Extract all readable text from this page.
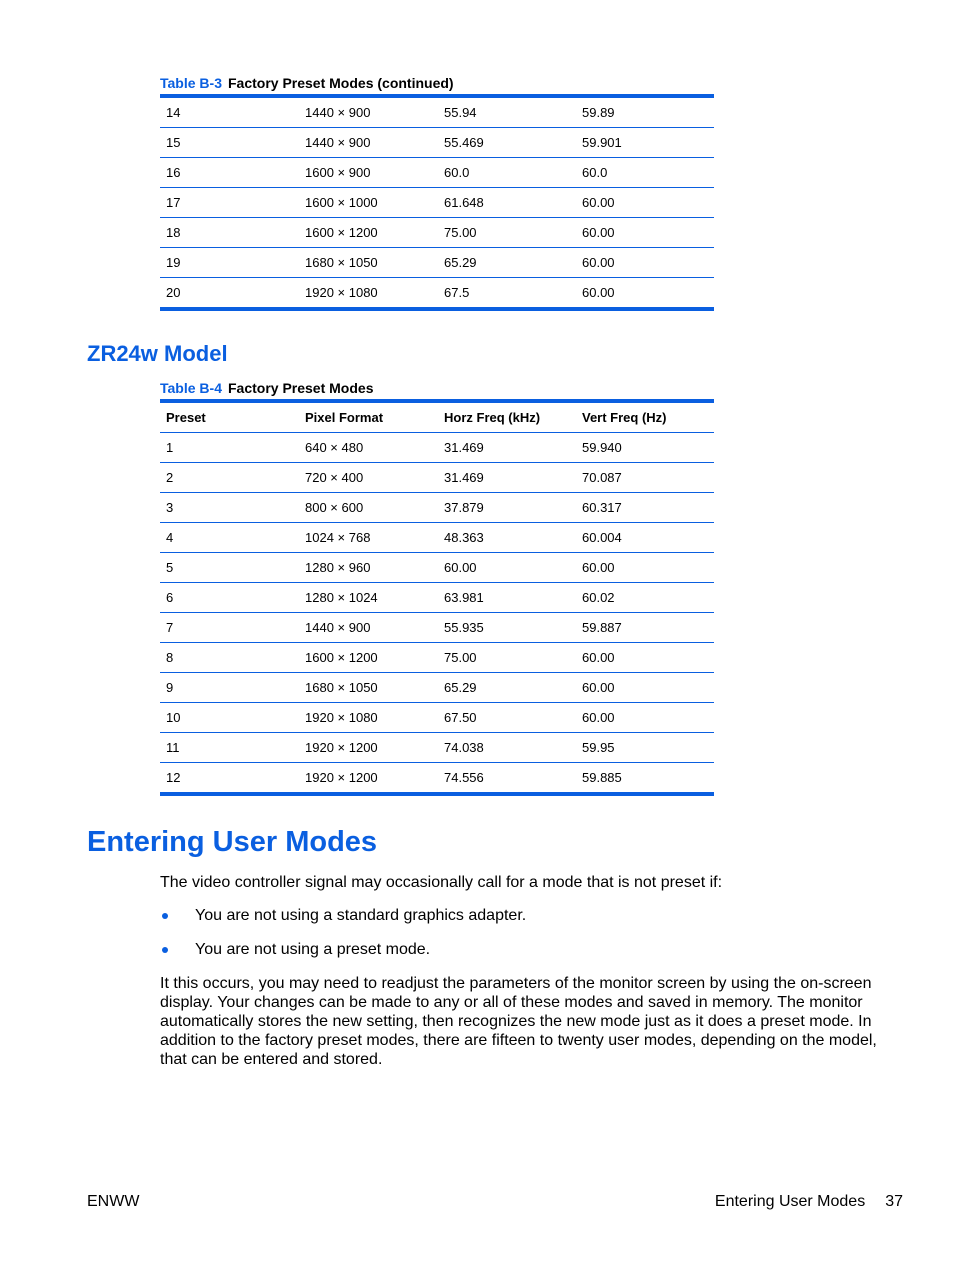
Table B-3 Factory Preset Modes (continued)
14	1440 × 900	55.94	59.89
15	1440 × 900	55.469	59.901
16	1600 × 900	60.0	60.0
17	1600 × 1000	61.648	60.00
18	1600 × 1200	75.00	60.00
19	1680 × 1050	65.29	60.00
20	1920 × 1080	67.5	60.00
ZR24w Model
Table B-4 Factory Preset Modes
Preset	Pixel Format	Horz Freq (kHz)	Vert Freq (Hz)
1	640 × 480	31.469	59.940
2	720 × 400	31.469	70.087
3	800 × 600	37.879	60.317
4	1024 × 768	48.363	60.004
5	1280 × 960	60.00	60.00
6	1280 × 1024	63.981	60.02
7	1440 × 900	55.935	59.887
8	1600 × 1200	75.00	60.00
9	1680 × 1050	65.29	60.00
10	1920 × 1080	67.50	60.00
11	1920 × 1200	74.038	59.95
12	1920 × 1200	74.556	59.885
Entering User Modes
The video controller signal may occasionally call for a mode that is not preset if:
You are not using a standard graphics adapter.
You are not using a preset mode.
It this occurs, you may need to readjust the parameters of the monitor screen by using the on-screen
display. Your changes can be made to any or all of these modes and saved in memory. The monitor
automatically stores the new setting, then recognizes the new mode just as it does a preset mode. In
addition to the factory preset modes, there are fifteen to twenty user modes, depending on the model,
that can be entered and stored.
ENWW	Entering User Modes 37
